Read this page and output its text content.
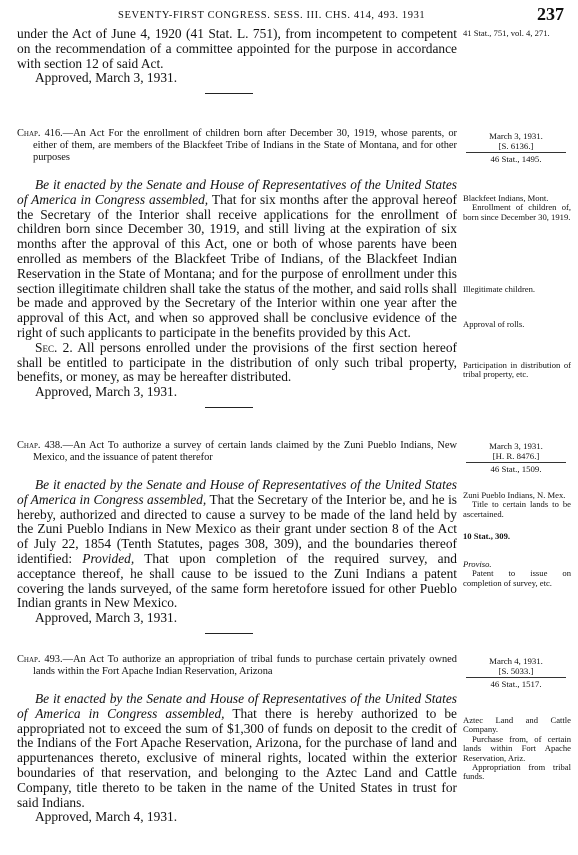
SEVENTY-FIRST CONGRESS. SESS. III. CHS. 414, 493. 1931	237

under the Act of June 4, 1920 (41 Stat. L. 751), from incompetent to competent on the recommendation of a committee appointed for the purpose in accordance with section 12 of said Act.

Approved, March 3, 1931.

41 Stat., 751, vol. 4, 271.

Chap. 416.—An Act For the enrollment of children born after December 30, 1919, whose parents, or either of them, are members of the Blackfeet Tribe of Indians in the State of Montana, and for other purposes

Be it enacted by the Senate and House of Representatives of the United States of America in Congress assembled, That for six months after the approval hereof the Secretary of the Interior shall receive applications for the enrollment of children born since December 30, 1919, and still living at the expiration of six months after the approval of this Act, one or both of whose parents have been enrolled as members of the Blackfeet Tribe of Indians, of the Blackfeet Indian Reservation in the State of Montana; and for the purpose of enrollment under this section illegitimate children shall take the status of the mother, and said rolls shall be made and approved by the Secretary of the Interior within one year after the approval of this Act, and when so approved shall be conclusive evidence of the right of such applicants to participate in the benefits provided by this Act.

Sec. 2. All persons enrolled under the provisions of the first section hereof shall be entitled to participate in the distribution of only such tribal property, benefits, or money, as may be hereafter distributed.

Approved, March 3, 1931.

March 3, 1931.
[S. 6136.]
46 Stat., 1495.

Blackfeet Indians, Mont.

Enrollment of children of, born since December 30, 1919.

Illegitimate children.

Approval of rolls.

Participation in distribution of tribal property, etc.

Chap. 438.—An Act To authorize a survey of certain lands claimed by the Zuni Pueblo Indians, New Mexico, and the issuance of patent therefor

Be it enacted by the Senate and House of Representatives of the United States of America in Congress assembled, That the Secretary of the Interior be, and he is hereby, authorized and directed to cause a survey to be made of the land held by the Zuni Pueblo Indians in New Mexico as their grant under section 8 of the Act of July 22, 1854 (Tenth Statutes, pages 308, 309), and the boundaries thereof identified: Provided, That upon completion of the required survey, and acceptance thereof, he shall cause to be issued to the Zuni Indians a patent covering the lands surveyed, of the same form heretofore issued for other Pueblo Indian grants in New Mexico.

Approved, March 3, 1931.

March 3, 1931.
[H. R. 8476.]
46 Stat., 1509.

Zuni Pueblo Indians, N. Mex.

Title to certain lands to be ascertained.

10 Stat., 309.

Proviso.

Patent to issue on completion of survey, etc.

Chap. 493.—An Act To authorize an appropriation of tribal funds to purchase certain privately owned lands within the Fort Apache Indian Reservation, Arizona

Be it enacted by the Senate and House of Representatives of the United States of America in Congress assembled, That there is hereby authorized to be appropriated not to exceed the sum of $1,300 of funds on deposit to the credit of the Indians of the Fort Apache Reservation, Arizona, for the purchase of land and appurtenances thereto, exclusive of mineral rights, located within the exterior boundaries of that reservation, and belonging to the Aztec Land and Cattle Company, title thereto to be taken in the name of the United States in trust for said Indians.

Approved, March 4, 1931.

March 4, 1931.
[S. 5033.]
46 Stat., 1517.

Aztec Land and Cattle Company.

Purchase from, of certain lands within Fort Apache Reservation, Ariz.

Appropriation from tribal funds.
